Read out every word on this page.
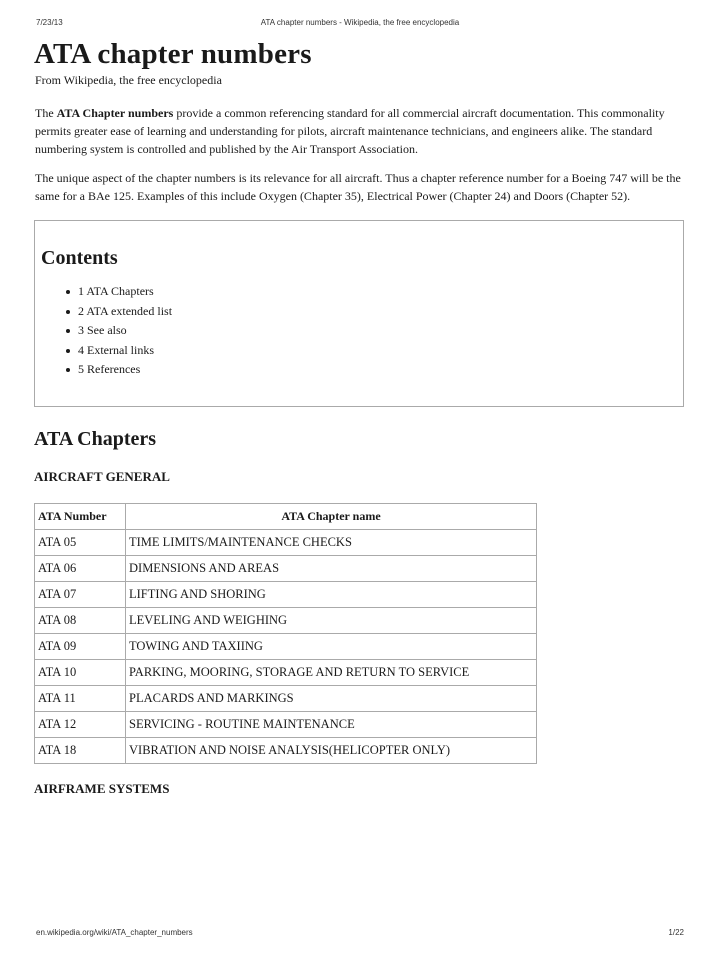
7/23/13	ATA chapter numbers - Wikipedia, the free encyclopedia
ATA chapter numbers
From Wikipedia, the free encyclopedia

The ATA Chapter numbers provide a common referencing standard for all commercial aircraft documentation. This commonality permits greater ease of learning and understanding for pilots, aircraft maintenance technicians, and engineers alike. The standard numbering system is controlled and published by the Air Transport Association.

The unique aspect of the chapter numbers is its relevance for all aircraft. Thus a chapter reference number for a Boeing 747 will be the same for a BAe 125. Examples of this include Oxygen (Chapter 35), Electrical Power (Chapter 24) and Doors (Chapter 52).

Contents
1 ATA Chapters
2 ATA extended list
3 See also
4 External links
5 References
ATA Chapters
AIRCRAFT GENERAL
ATA Number	ATA Chapter name
ATA 05	TIME LIMITS/MAINTENANCE CHECKS
ATA 06	DIMENSIONS AND AREAS
ATA 07	LIFTING AND SHORING
ATA 08	LEVELING AND WEIGHING
ATA 09	TOWING AND TAXIING
ATA 10	PARKING, MOORING, STORAGE AND RETURN TO SERVICE
ATA 11	PLACARDS AND MARKINGS
ATA 12	SERVICING - ROUTINE MAINTENANCE
ATA 18	VIBRATION AND NOISE ANALYSIS(HELICOPTER ONLY)
AIRFRAME SYSTEMS
en.wikipedia.org/wiki/ATA_chapter_numbers	1/22
